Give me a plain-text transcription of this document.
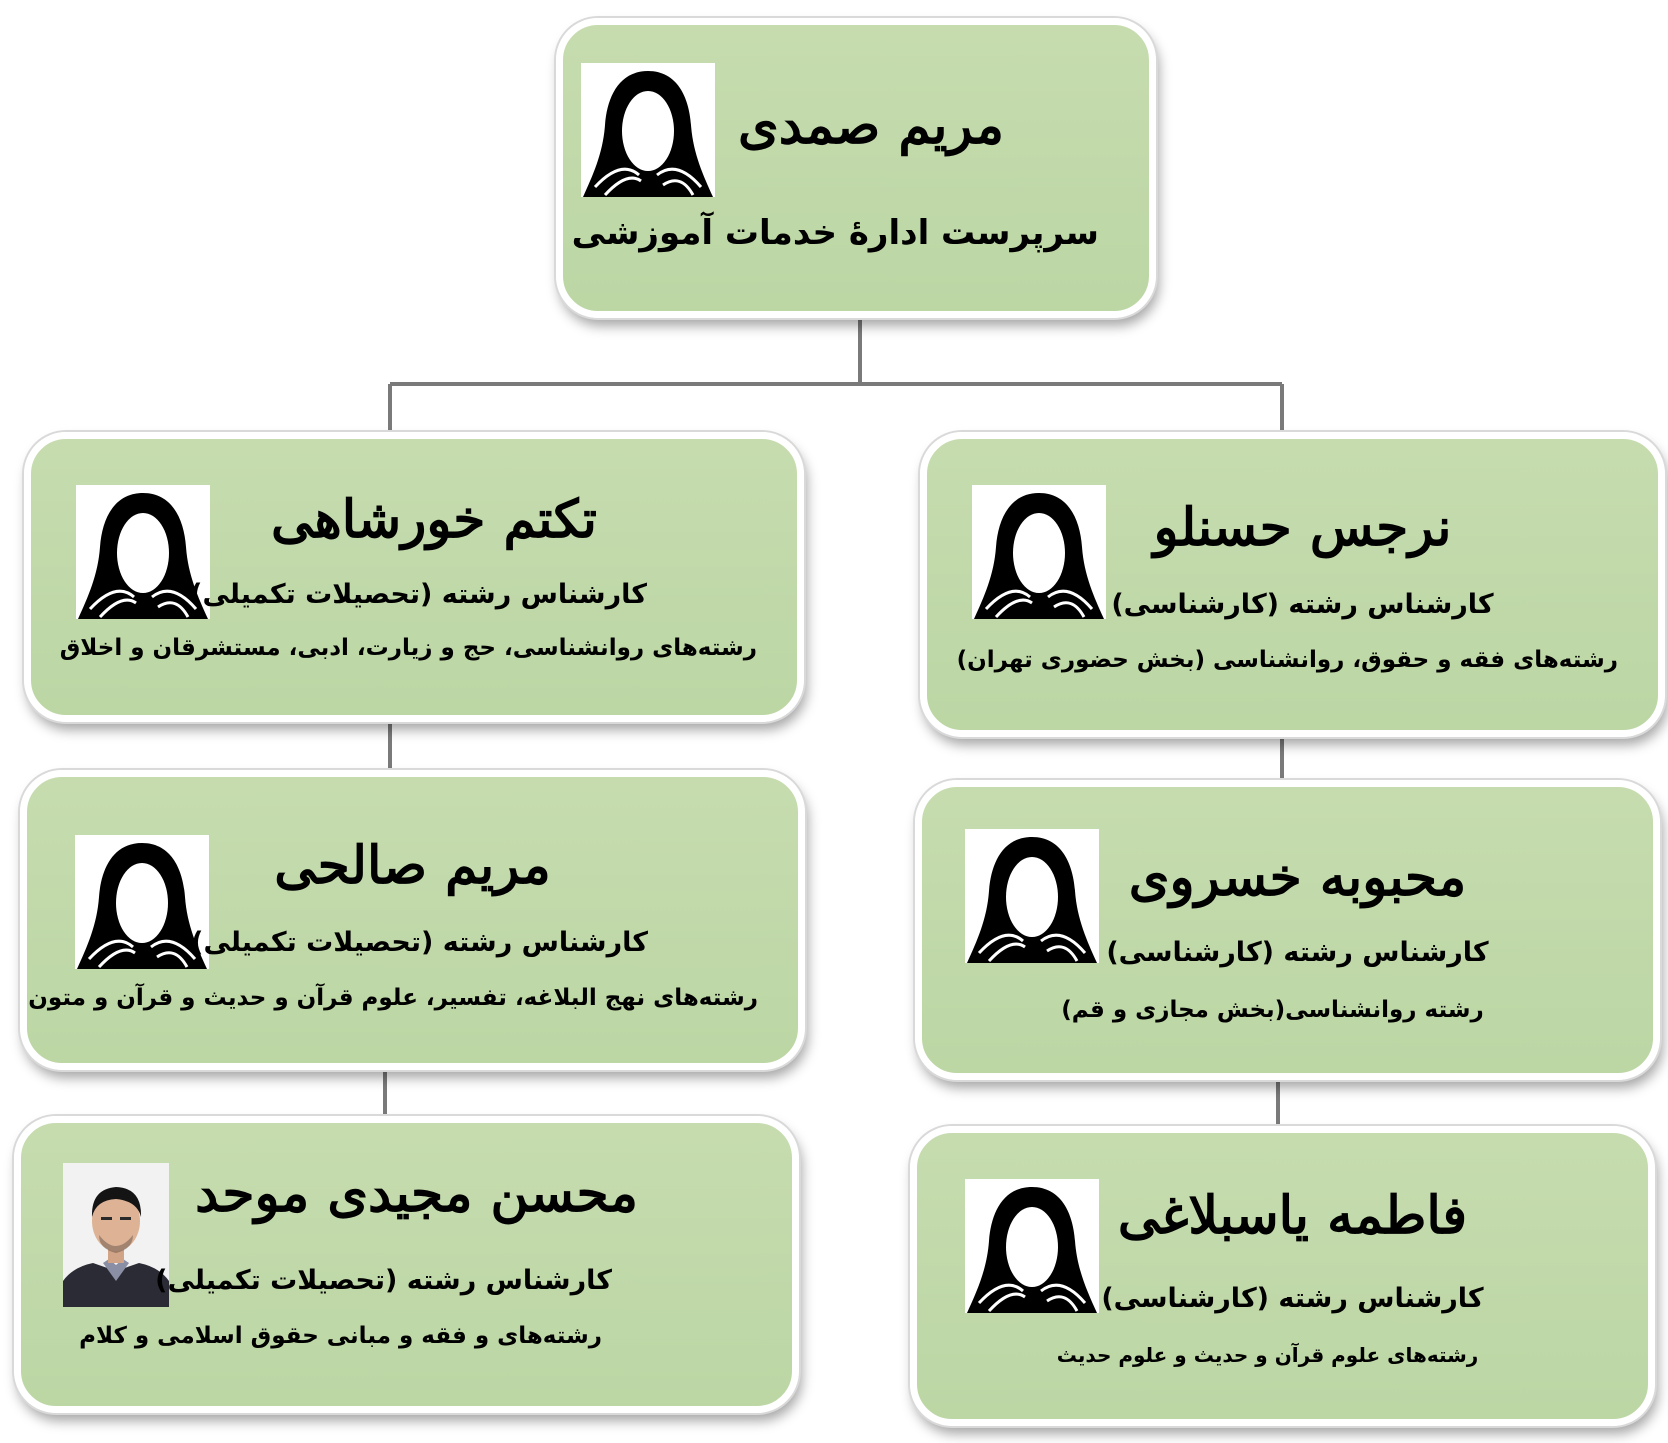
مریم صمدی
سرپرست ادارۀ خدمات آموزشی
تکتم خورشاهی
کارشناس رشته (تحصیلات تکمیلی)
رشته‌های روانشناسی، حج و زیارت، ادبی، مستشرقان و اخلاق
مریم صالحی
کارشناس رشته (تحصیلات تکمیلی)
رشته‌های نهج البلاغه، تفسیر، علوم قرآن و حدیث و قرآن و متون
محسن مجیدی موحد
کارشناس رشته (تحصیلات تکمیلی)
رشته‌های و فقه و مبانی حقوق اسلامی و کلام
نرجس حسنلو
کارشناس رشته (کارشناسی)
رشته‌های فقه و حقوق، روانشناسی (بخش حضوری تهران)
محبوبه خسروی
کارشناس رشته (کارشناسی)
رشته روانشناسی(بخش مجازی و قم)
فاطمه یاسبلاغی
کارشناس رشته (کارشناسی)
رشته‌های علوم قرآن و حدیث و علوم حدیث
